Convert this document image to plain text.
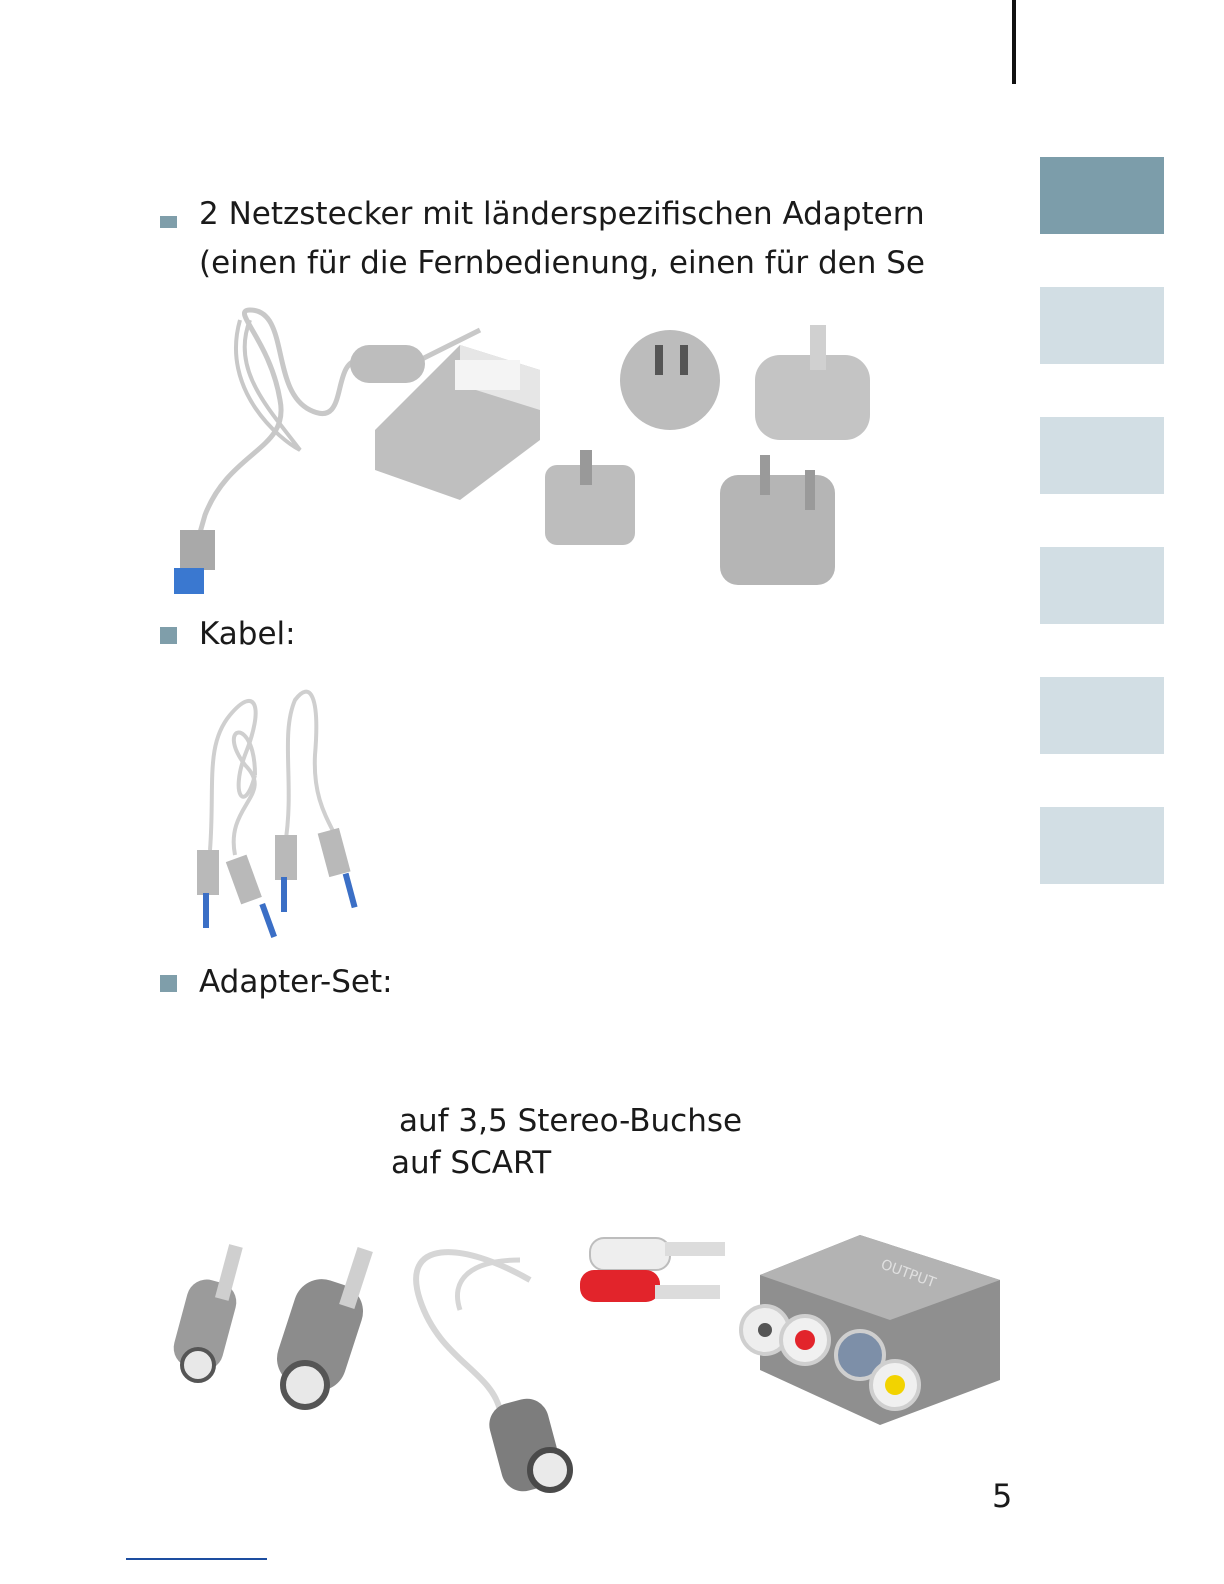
2 Netzstecker mit länderspezifischen Adaptern
(einen für die Fernbedienung, einen für den Se
Kabel:
Adapter-Set:
auf 3,5 Stereo-Buchse
auf SCART
OUTPUT
5
